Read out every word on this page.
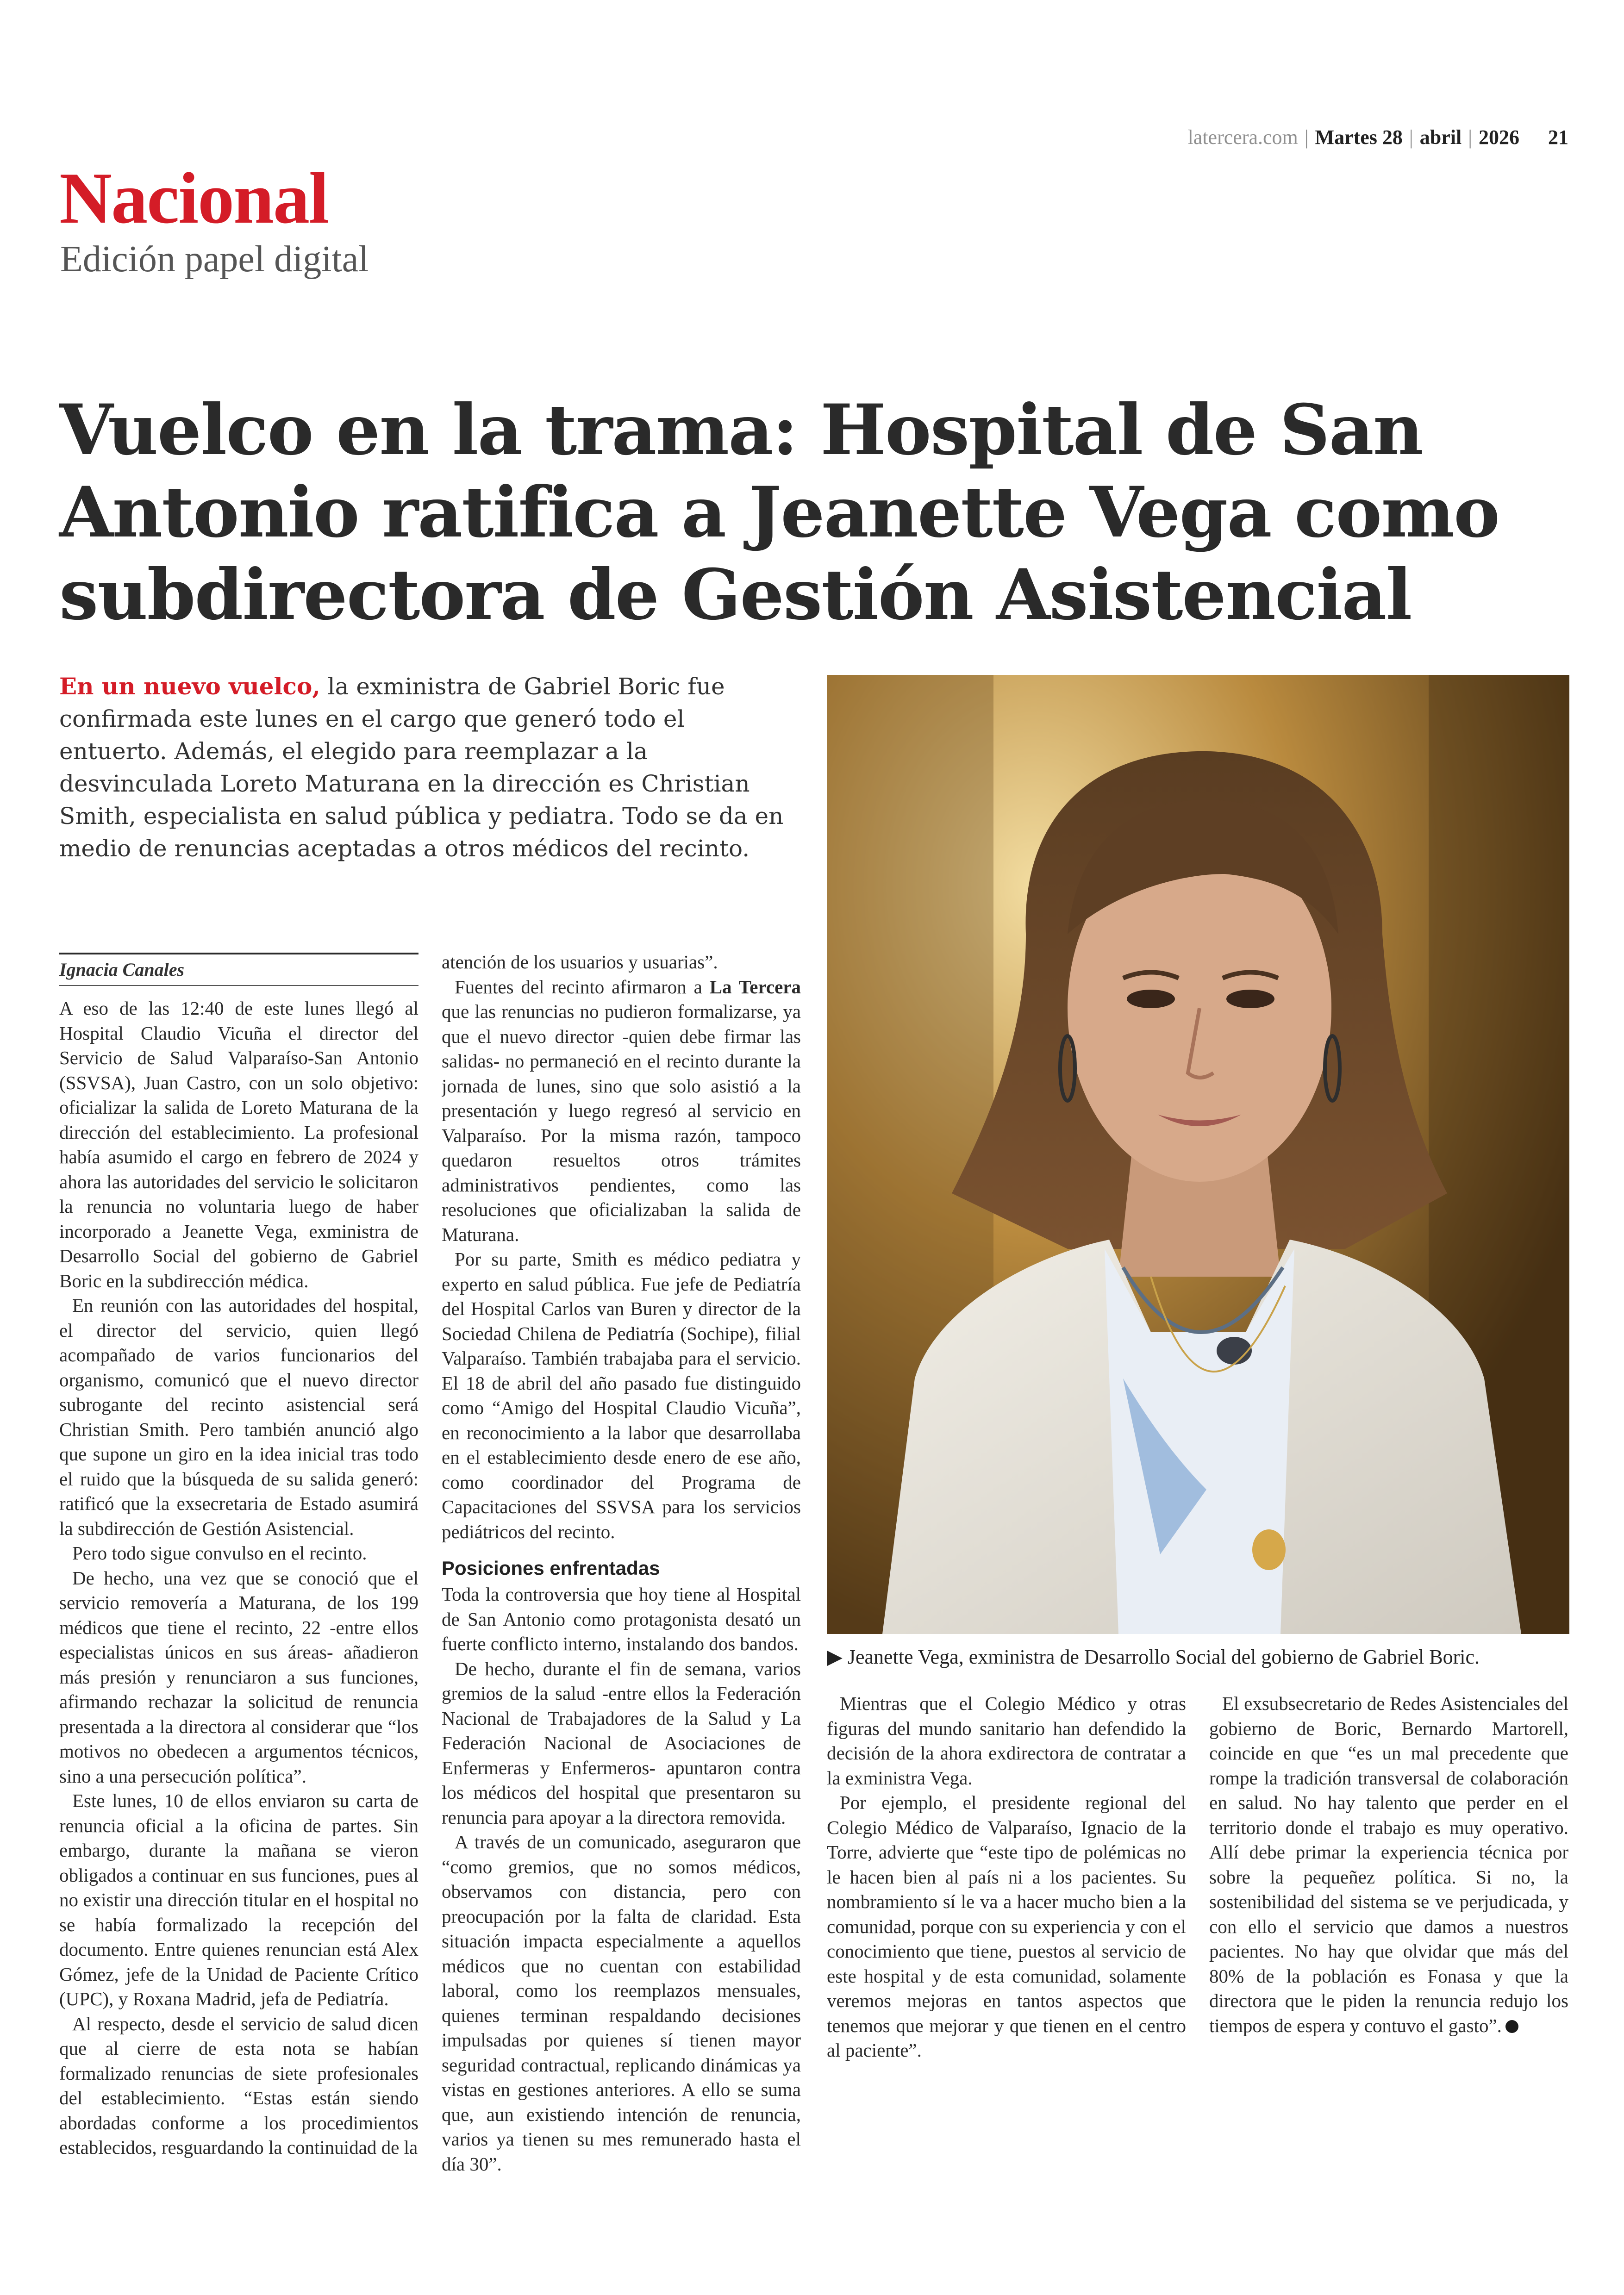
latercera.com | Martes 28 | abril | 2026 21
Nacional
Edición papel digital
Vuelco en la trama: Hospital de San Antonio ratifica a Jeanette Vega como subdirectora de Gestión Asistencial

En un nuevo vuelco, la exministra de Gabriel Boric fue confirmada este lunes en el cargo que generó todo el entuerto. Además, el elegido para reemplazar a la desvinculada Loreto Maturana en la dirección es Christian Smith, especialista en salud pública y pediatra. Todo se da en medio de renuncias aceptadas a otros médicos del recinto.

▶ Jeanette Vega, exministra de Desarrollo Social del gobierno de Gabriel Boric.
Ignacia Canales

A eso de las 12:40 de este lunes llegó al Hospital Claudio Vicuña el director del Servicio de Salud Valparaíso-San Antonio (SSVSA), Juan Castro, con un solo objetivo: oficializar la salida de Loreto Maturana de la dirección del establecimiento. La profesional había asumido el cargo en febrero de 2024 y ahora las autoridades del servicio le solicitaron la renuncia no voluntaria luego de haber incorporado a Jeanette Vega, exministra de Desarrollo Social del gobierno de Gabriel Boric en la subdirección médica.

En reunión con las autoridades del hospital, el director del servicio, quien llegó acompañado de varios funcionarios del organismo, comunicó que el nuevo director subrogante del recinto asistencial será Christian Smith. Pero también anunció algo que supone un giro en la idea inicial tras todo el ruido que la búsqueda de su salida generó: ratificó que la exsecretaria de Estado asumirá la subdirección de Gestión Asistencial.

Pero todo sigue convulso en el recinto.

De hecho, una vez que se conoció que el servicio removería a Maturana, de los 199 médicos que tiene el recinto, 22 -entre ellos especialistas únicos en sus áreas- añadieron más presión y renunciaron a sus funciones, afirmando rechazar la solicitud de renuncia presentada a la directora al considerar que “los motivos no obedecen a argumentos técnicos, sino a una persecución política”.

Este lunes, 10 de ellos enviaron su carta de renuncia oficial a la oficina de partes. Sin embargo, durante la mañana se vieron obligados a continuar en sus funciones, pues al no existir una dirección titular en el hospital no se había formalizado la recepción del documento. Entre quienes renuncian está Alex Gómez, jefe de la Unidad de Paciente Crítico (UPC), y Roxana Madrid, jefa de Pediatría.

Al respecto, desde el servicio de salud dicen que al cierre de esta nota se habían formalizado renuncias de siete profesionales del establecimiento. “Estas están siendo abordadas conforme a los procedimientos establecidos, resguardando la continuidad de la

atención de los usuarios y usuarias”.

Fuentes del recinto afirmaron a La Tercera que las renuncias no pudieron formalizarse, ya que el nuevo director -quien debe firmar las salidas- no permaneció en el recinto durante la jornada de lunes, sino que solo asistió a la presentación y luego regresó al servicio en Valparaíso. Por la misma razón, tampoco quedaron resueltos otros trámites administrativos pendientes, como las resoluciones que oficializaban la salida de Maturana.

Por su parte, Smith es médico pediatra y experto en salud pública. Fue jefe de Pediatría del Hospital Carlos van Buren y director de la Sociedad Chilena de Pediatría (Sochipe), filial Valparaíso. También trabajaba para el servicio. El 18 de abril del año pasado fue distinguido como “Amigo del Hospital Claudio Vicuña”, en reconocimiento a la labor que desarrollaba en el establecimiento desde enero de ese año, como coordinador del Programa de Capacitaciones del SSVSA para los servicios pediátricos del recinto.

Posiciones enfrentadas

Toda la controversia que hoy tiene al Hospital de San Antonio como protagonista desató un fuerte conflicto interno, instalando dos bandos.

De hecho, durante el fin de semana, varios gremios de la salud -entre ellos la Federación Nacional de Trabajadores de la Salud y La Federación Nacional de Asociaciones de Enfermeras y Enfermeros- apuntaron contra los médicos del hospital que presentaron su renuncia para apoyar a la directora removida.

A través de un comunicado, aseguraron que “como gremios, que no somos médicos, observamos con distancia, pero con preocupación por la falta de claridad. Esta situación impacta especialmente a aquellos médicos que no cuentan con estabilidad laboral, como los reemplazos mensuales, quienes terminan respaldando decisiones impulsadas por quienes sí tienen mayor seguridad contractual, replicando dinámicas ya vistas en gestiones anteriores. A ello se suma que, aun existiendo intención de renuncia, varios ya tienen su mes remunerado hasta el día 30”.

Mientras que el Colegio Médico y otras figuras del mundo sanitario han defendido la decisión de la ahora exdirectora de contratar a la exministra Vega.

Por ejemplo, el presidente regional del Colegio Médico de Valparaíso, Ignacio de la Torre, advierte que “este tipo de polémicas no le hacen bien al país ni a los pacientes. Su nombramiento sí le va a hacer mucho bien a la comunidad, porque con su experiencia y con el conocimiento que tiene, puestos al servicio de este hospital y de esta comunidad, solamente veremos mejoras en tantos aspectos que tenemos que mejorar y que tienen en el centro al paciente”.

El exsubsecretario de Redes Asistenciales del gobierno de Boric, Bernardo Martorell, coincide en que “es un mal precedente que rompe la tradición transversal de colaboración en salud. No hay talento que perder en el territorio donde el trabajo es muy operativo. Allí debe primar la experiencia técnica por sobre la pequeñez política. Si no, la sostenibilidad del sistema se ve perjudicada, y con ello el servicio que damos a nuestros pacientes. No hay que olvidar que más del 80% de la población es Fonasa y que la directora que le piden la renuncia redujo los tiempos de espera y contuvo el gasto”.
